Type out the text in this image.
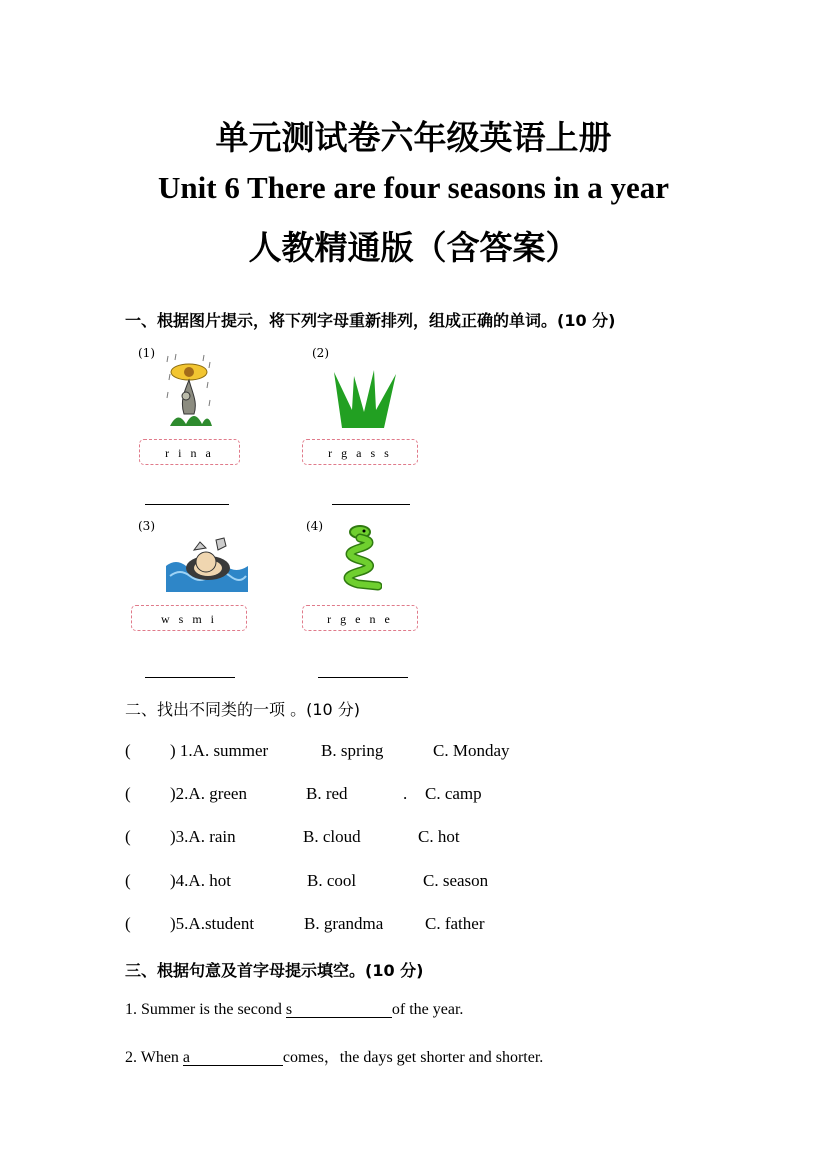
单元测试卷六年级英语上册
Unit 6 There are four seasons in a year
人教精通版（含答案）
一、根据图片提示，将下列字母重新排列，组成正确的单词。(10 分)
(1)
r i n a
(2)
r g a s s
(3)
w s m i
(4)
r g e n e
二、找出不同类的一项 。(10 分)
( ) 1.A. summer	B. spring	C. Monday
( )2.A. green	B. red	. C. camp
( )3.A. rain	B. cloud	C. hot
( )4.A. hot	B. cool	C. season
( )5.A.student	B. grandma C. father
三、根据句意及首字母提示填空。(10 分)
1. Summer is the second s	of the year.
2. When a	comes，the days get shorter and shorter.
